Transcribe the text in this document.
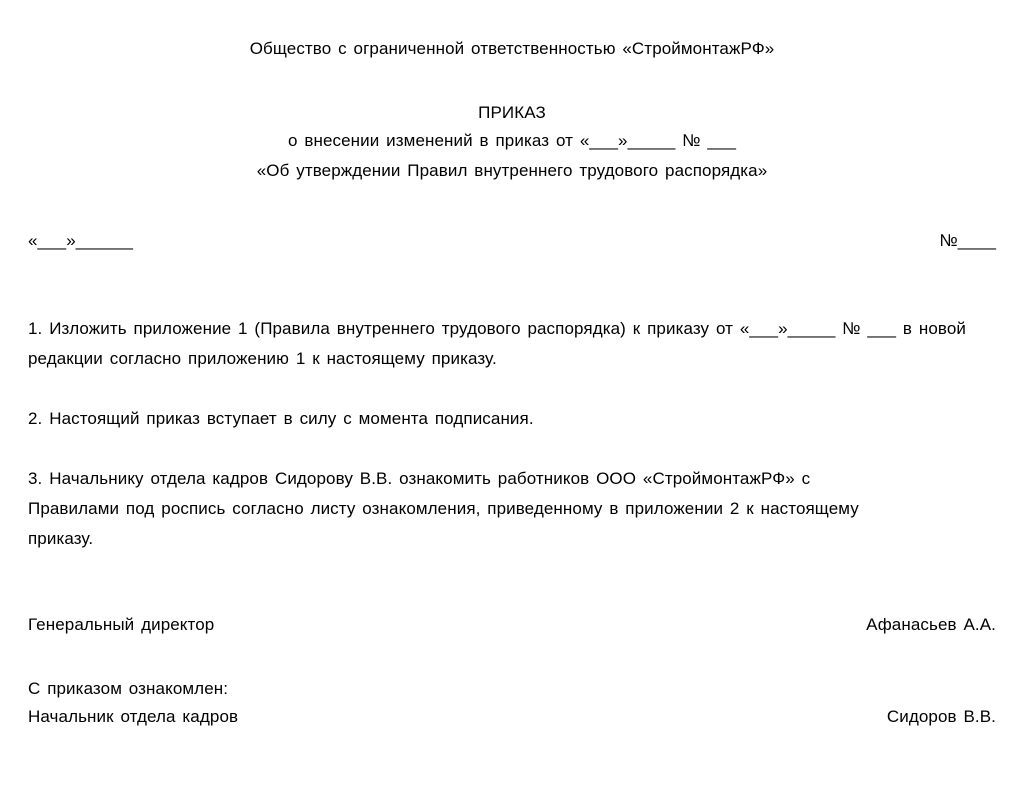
Общество с ограниченной ответственностью «СтроймонтажРФ»
ПРИКАЗ
о внесении изменений в приказ от «___»_____ № ___
«Об утверждении Правил внутреннего трудового распорядка»
«___»______	№____
1. Изложить приложение 1 (Правила внутреннего трудового распорядка) к приказу от «___»_____ № ___ в новой редакции согласно приложению 1 к настоящему приказу.
2. Настоящий приказ вступает в силу с момента подписания.
3. Начальнику отдела кадров Сидорову В.В. ознакомить работников ООО «СтроймонтажРФ» с Правилами под роспись согласно листу ознакомления, приведенному в приложении 2 к настоящему приказу.
Генеральный директор	Афанасьев А.А.
С приказом ознакомлен:
Начальник отдела кадров	Сидоров В.В.
